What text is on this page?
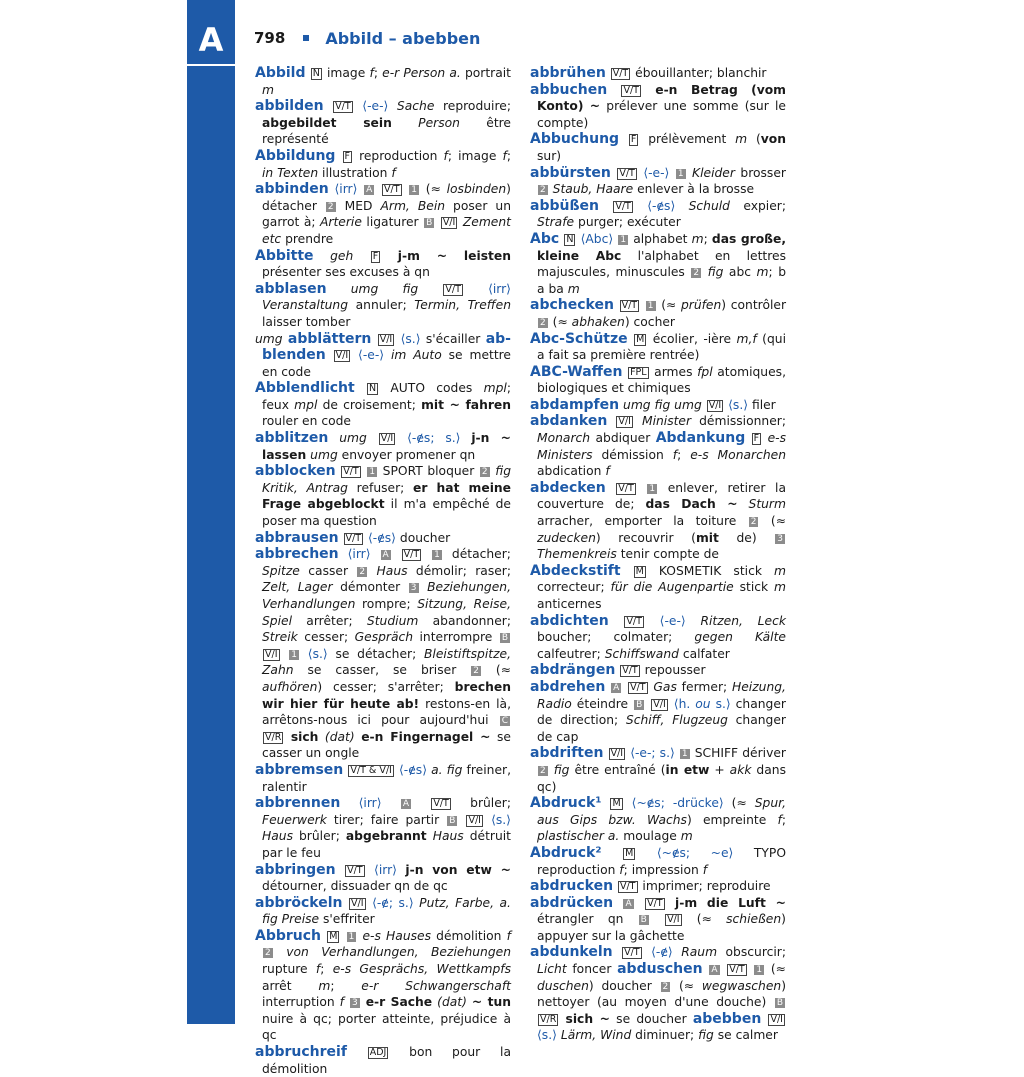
A	798	Abbild – abebben

Abbild N image f; e-r Person a. portrait m

abbilden V/T ⟨-e-⟩ Sache reproduire; abgebildet sein Person être représenté

Abbildung F reproduction f; image f; in Texten illustration f

abbinden ⟨irr⟩ A V/T 1 (≈ losbinden) détacher 2 MED Arm, Bein poser un garrot à; Arterie ligaturer B V/I Zement etc prendre

Abbitte geh F j-m ~ leisten présenter ses excuses à qn

abblasen umg fig	V/T ⟨irr⟩ Veranstaltung annuler; Termin, Treffen laisser tomber

umg abblättern V/I ⟨s.⟩ s'écailler abblenden V/I ⟨-e-⟩ im Auto se mettre en code

Abblendlicht N AUTO codes mpl; feux mpl de croisement; mit ~ fahren rouler en code

abblitzen umg V/I ⟨-ɇs; s.⟩ j-n ~ lassen umg envoyer promener qn

abblocken V/T 1 SPORT bloquer 2 fig Kritik, Antrag refuser; er hat meine Frage abgeblockt il m'a empêché de poser ma question

abbrausen V/T ⟨-ɇs⟩ doucher

abbrechen ⟨irr⟩ A V/T 1 détacher; Spitze casser 2 Haus démolir; raser; Zelt, Lager démonter 3 Beziehungen, Verhandlungen rompre; Sitzung, Reise, Spiel arrêter; Studium abandonner; Streik cesser; Gespräch interrompre B V/I 1 ⟨s.⟩ se détacher; Bleistiftspitze, Zahn se casser, se briser 2 (≈ aufhören) cesser; s'arrêter; brechen wir hier für heute ab! restons-en là, arrêtons-nous ici pour aujourd'hui C V/R sich (dat) e-n Fingernagel ~ se casser un ongle

abbremsen V/T & V/I ⟨-ɇs⟩ a. fig freiner, ralentir

abbrennen ⟨irr⟩ A	V/T brûler; Feuerwerk tirer; faire partir B V/I ⟨s.⟩ Haus brûler; abgebrannt Haus détruit par le feu

abbringen V/T ⟨irr⟩ j-n von etw ~ détourner, dissuader qn de qc

abbröckeln V/I ⟨-ɇ; s.⟩ Putz, Farbe, a. fig Preise s'effriter

Abbruch M 1 e-s Hauses démolition f 2 von Verhandlungen, Beziehungen rupture f; e-s Gesprächs, Wettkampfs arrêt m; e-r Schwangerschaft interruption f 3 e-r Sache (dat) ~ tun nuire à qc; porter atteinte, préjudice à qc

abbruchreif ADJ bon pour la démolition

abbrühen V/T ébouillanter; blanchir

abbuchen V/T e-n Betrag (vom Konto) ~ prélever une somme (sur le compte)

Abbuchung F prélèvement m (von sur)

abbürsten V/T ⟨-e-⟩ 1 Kleider brosser 2 Staub, Haare enlever à la brosse

abbüßen V/T ⟨-ɇs⟩ Schuld expier; Strafe purger; exécuter

Abc N ⟨Abc⟩ 1 alphabet m; das große, kleine Abc l'alphabet en lettres majuscules, minuscules 2 fig abc m; b a ba m

abchecken V/T 1 (≈ prüfen) contrôler 2 (≈ abhaken) cocher

Abc-Schütze M écolier, -ière m,f (qui a fait sa première rentrée)

ABC-Waffen FPL armes fpl atomiques, biologiques et chimiques

abdampfen umg fig umg V/I ⟨s.⟩ filer

abdanken V/I Minister démissionner; Monarch abdiquer Abdankung F e-s Ministers démission f; e-s Monarchen abdication f

abdecken V/T 1 enlever, retirer la couverture de; das Dach ~ Sturm arracher, emporter la toiture 2 (≈ zudecken) recouvrir (mit de) 3 Themenkreis tenir compte de

Abdeckstift M KOSMETIK stick m correcteur; für die Augenpartie stick m anticernes

abdichten V/T ⟨-e-⟩ Ritzen, Leck boucher; colmater; gegen Kälte calfeutrer; Schiffswand calfater

abdrängen V/T repousser

abdrehen A V/T Gas fermer; Heizung, Radio éteindre B V/I ⟨h. ou s.⟩ changer de direction; Schiff, Flugzeug changer de cap

abdriften V/I ⟨-e-; s.⟩ 1 SCHIFF dériver 2 fig être entraîné (in etw + akk dans qc)

Abdruck¹ M ⟨~ɇs; -drücke⟩ (≈ Spur, aus Gips bzw. Wachs) empreinte f; plastischer a. moulage m

Abdruck² M ⟨~ɇs; ~e⟩ TYPO reproduction f; impression f

abdrucken V/T imprimer; reproduire

abdrücken A V/T j-m die Luft ~ étrangler qn B V/I (≈ schießen) appuyer sur la gâchette

abdunkeln V/T ⟨-ɇ⟩ Raum obscurcir; Licht foncer abduschen A V/T 1 (≈ duschen) doucher 2 (≈ wegwaschen) nettoyer (au moyen d'une douche) B V/R sich ~ se doucher abebben V/I ⟨s.⟩ Lärm, Wind diminuer; fig se calmer
